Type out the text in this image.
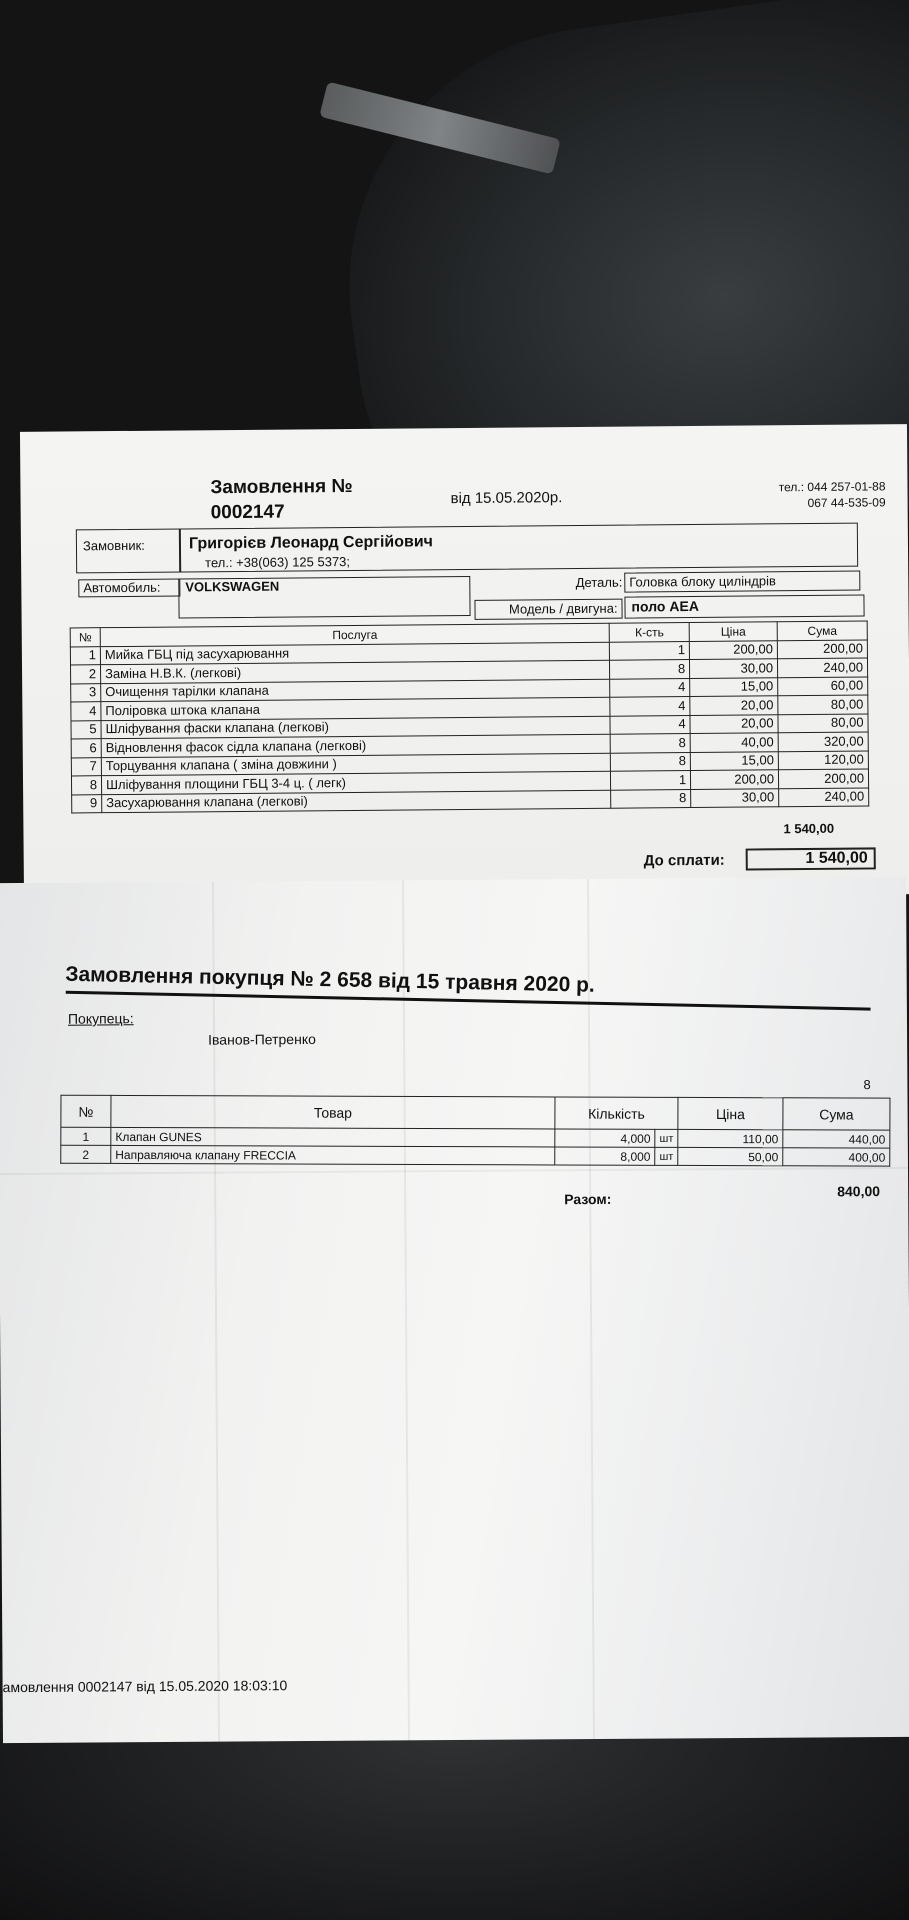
Замовлення №
0002147
від 15.05.2020р.
тел.: 044 257-01-88
067 44-535-09
Замовник:	Григорієв Леонард Сергійович
тел.: +38(063) 125 5373;
Автомобиль:	VOLKSWAGEN	Деталь: Головка блоку циліндрів
Модель / двигуна: поло AEA
№	Послуга	К-сть	Ціна	Сума
1	Мийка ГБЦ під засухарювання	1	200,00	200,00
2	Заміна Н.В.К. (легкові)	8	30,00	240,00
3	Очищення тарілки клапана	4	15,00	60,00
4	Поліровка штока клапана	4	20,00	80,00
5	Шліфування фаски клапана (легкові)	4	20,00	80,00
6	Відновлення фасок сідла клапана (легкові)	8	40,00	320,00
7	Торцування клапана ( зміна довжини )	8	15,00	120,00
8	Шліфування площини ГБЦ 3-4 ц. ( легк)	1	200,00	200,00
9	Засухарювання клапана (легкові)	8	30,00	240,00
1 540,00
До сплати:	1 540,00
Замовлення покупця № 2 658 від 15 травня 2020 р.
Покупець:
Іванов-Петренко
8
№	Товар	Кількість		Ціна	Сума
1	Клапан GUNES	4,000	шт	110,00	440,00
2	Направляюча клапану FRECCIA	8,000	шт	50,00	400,00
Разом:	840,00
амовлення 0002147 від 15.05.2020 18:03:10
